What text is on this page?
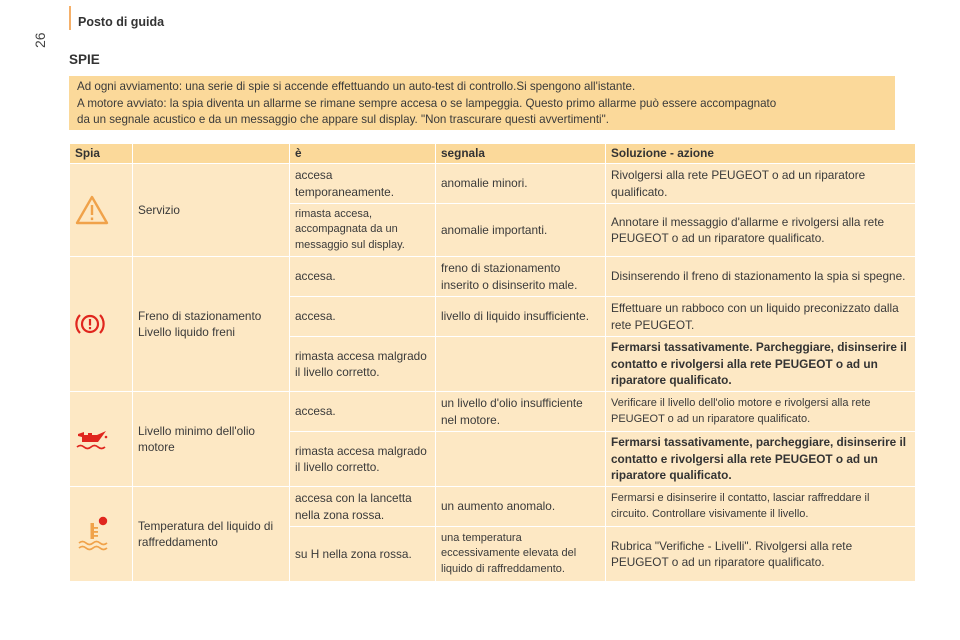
Posto di guida
26
SPIE

Ad ogni avviamento: una serie di spie si accende effettuando un auto-test di controllo.Si spengono all'istante.

A motore avviato: la spia diventa un allarme se rimane sempre accesa o se lampeggia. Questo primo allarme può essere accompagnato

da un segnale acustico e da un messaggio che appare sul display. "Non trascurare questi avvertimenti".

Spia		è	segnala	Soluzione - azione
	Servizio	accesa temporaneamente.	anomalie minori.	Rivolgersi alla rete PEUGEOT o ad un riparatore qualificato.
		rimasta accesa, accompagnata da un messaggio sul display.	anomalie importanti.	Annotare il messaggio d'allarme e rivolgersi alla rete PEUGEOT o ad un riparatore qualificato.
	Freno di stazionamento Livello liquido freni	accesa.	freno di stazionamento inserito o disinserito male.	Disinserendo il freno di stazionamento la spia si spegne.
		accesa.	livello di liquido insufficiente.	Effettuare un rabboco con un liquido preconizzato dalla rete PEUGEOT.
		rimasta accesa malgrado il livello corretto.		Fermarsi tassativamente. Parcheggiare, disinserire il contatto e rivolgersi alla rete PEUGEOT o ad un riparatore qualificato.
	Livello minimo dell'olio motore	accesa.	un livello d'olio insufficiente nel motore.	Verificare il livello dell'olio motore e rivolgersi alla rete PEUGEOT o ad un riparatore qualificato.
		rimasta accesa malgrado il livello corretto.		Fermarsi tassativamente, parcheggiare, disinserire il contatto e rivolgersi alla rete PEUGEOT o ad un riparatore qualificato.
	Temperatura del liquido di raffreddamento	accesa con la lancetta nella zona rossa.	un aumento anomalo.	Fermarsi e disinserire il contatto, lasciar raffreddare il circuito. Controllare visivamente il livello.
		su H nella zona rossa.	una temperatura eccessivamente elevata del liquido di raffreddamento.	Rubrica "Verifiche - Livelli". Rivolgersi alla rete PEUGEOT o ad un riparatore qualificato.
